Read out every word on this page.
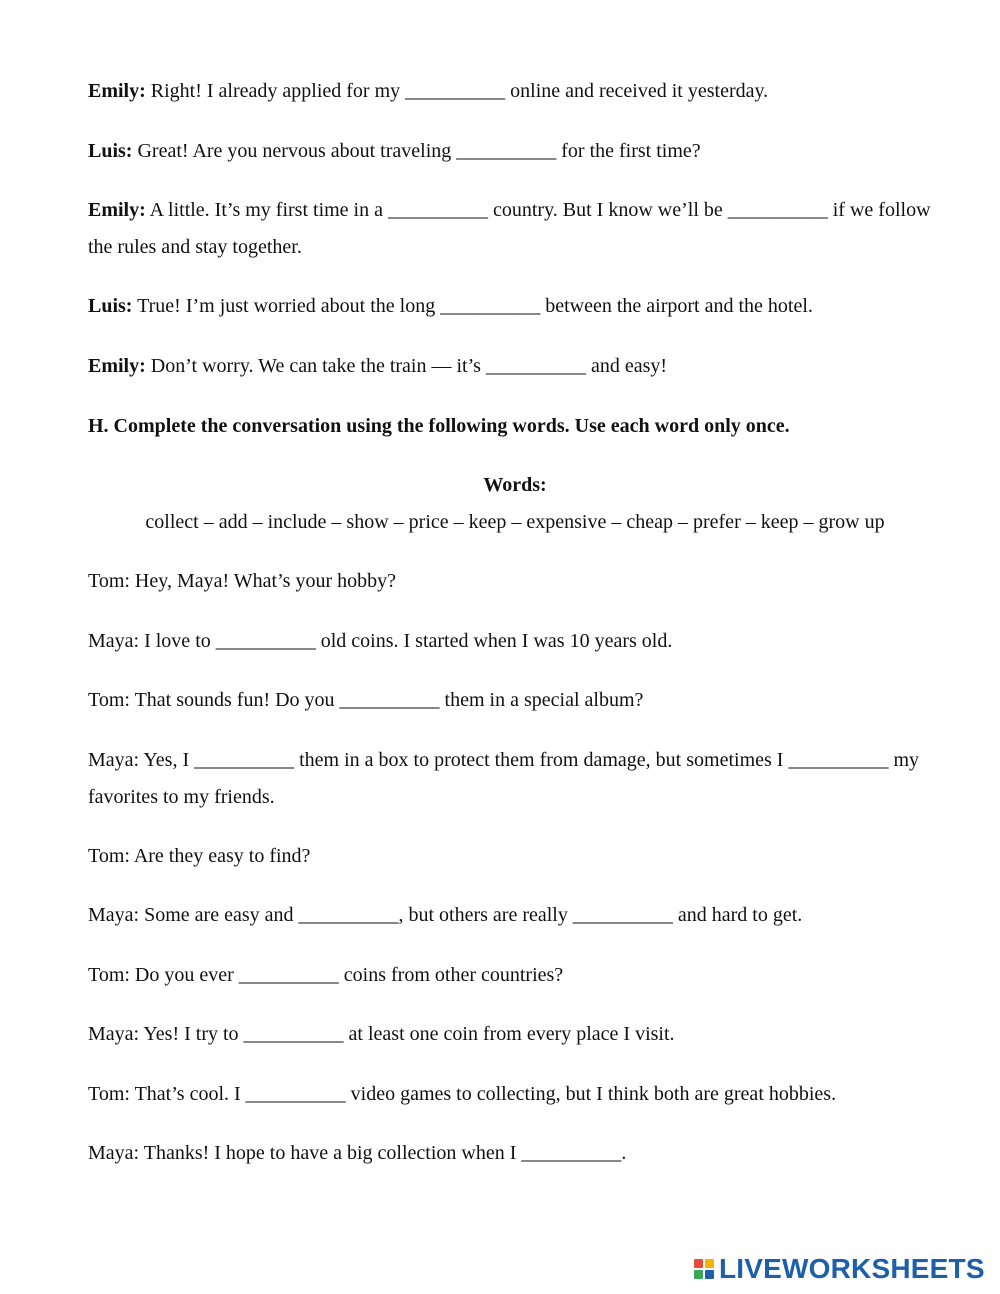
Emily: Right! I already applied for my __________ online and received it yesterday.
Luis: Great! Are you nervous about traveling __________ for the first time?
Emily: A little. It’s my first time in a __________ country. But I know we’ll be __________ if we follow the rules and stay together.
Luis: True! I’m just worried about the long __________ between the airport and the hotel.
Emily: Don’t worry. We can take the train — it’s __________ and easy!
H. Complete the conversation using the following words. Use each word only once.
Words:
collect – add – include – show – price – keep – expensive – cheap – prefer – keep – grow up
Tom: Hey, Maya! What’s your hobby?
Maya: I love to __________ old coins. I started when I was 10 years old.
Tom: That sounds fun! Do you __________ them in a special album?
Maya: Yes, I __________ them in a box to protect them from damage, but sometimes I __________ my favorites to my friends.
Tom: Are they easy to find?
Maya: Some are easy and __________, but others are really __________ and hard to get.
Tom: Do you ever __________ coins from other countries?
Maya: Yes! I try to __________ at least one coin from every place I visit.
Tom: That’s cool. I __________ video games to collecting, but I think both are great hobbies.
Maya: Thanks! I hope to have a big collection when I __________.
LIVEWORKSHEETS
